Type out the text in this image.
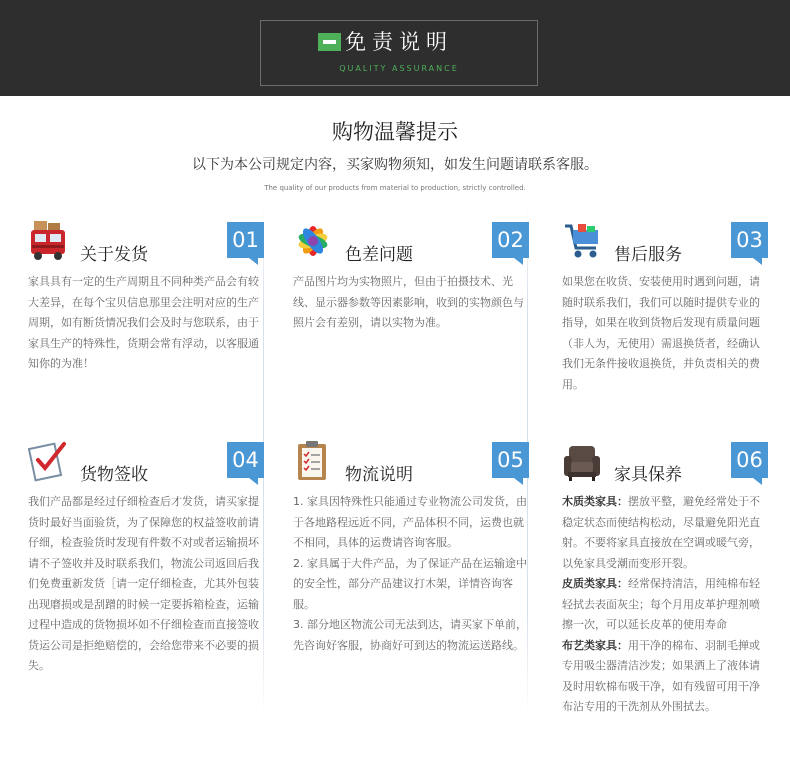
免责说明
QUALITY ASSURANCE
购物温馨提示
以下为本公司规定内容，买家购物须知，如发生问题请联系客服。
The quality of our products from material to production, strictly controlled.
关于发货
01
家具具有一定的生产周期且不同种类产品会有较大差异，在每个宝贝信息那里会注明对应的生产周期，如有断货情况我们会及时与您联系，由于家具生产的特殊性，货期会常有浮动，以客服通知你的为准！
色差问题
02
产品图片均为实物照片，但由于拍摄技术、光线、显示器参数等因素影响，收到的实物颜色与照片会有差别，请以实物为准。
售后服务
03
如果您在收货、安装使用时遇到问题，请随时联系我们，我们可以随时提供专业的指导，如果在收到货物后发现有质量问题（非人为，无使用）需退换货者，经确认我们无条件接收退换货，并负责相关的费用。
货物签收
04
我们产品都是经过仔细检查后才发货，请买家提货时最好当面验货，为了保障您的权益签收前请仔细，检查验货时发现有件数不对或者运输损坏请不子签收并及时联系我们，物流公司返回后我们免费重新发货［请一定仔细检查，尤其外包装出现磨损或是刮蹭的时候一定要拆箱检查，运输过程中造成的货物损坏如不仔细检查而直接签收货运公司是拒绝赔偿的，会给您带来不必要的损失。
物流说明
05

1. 家具因特殊性只能通过专业物流公司发货，由于各地路程远近不同，产品体积不同，运费也就不相同，具体的运费请咨询客服。

2. 家具属于大件产品，为了保证产品在运输途中的安全性，部分产品建议打木架，详情咨询客服。

3. 部分地区物流公司无法到达，请买家下单前，先咨询好客服，协商好可到达的物流运送路线。

家具保养
06

木质类家具：摆放平整，避免经常处于不稳定状态而使结构松动，尽量避免阳光直射。不要将家具直接放在空调或暖气旁，以免家具受潮而变形开裂。

皮质类家具：经常保持清洁，用纯棉布轻轻拭去表面灰尘；每个月用皮革护理剂喷擦一次，可以延长皮革的使用寿命

布艺类家具：用干净的棉布、羽制毛掸或专用吸尘器清洁沙发；如果洒上了液体请及时用软棉布吸干净，如有残留可用干净布沾专用的干洗剂从外围拭去。
